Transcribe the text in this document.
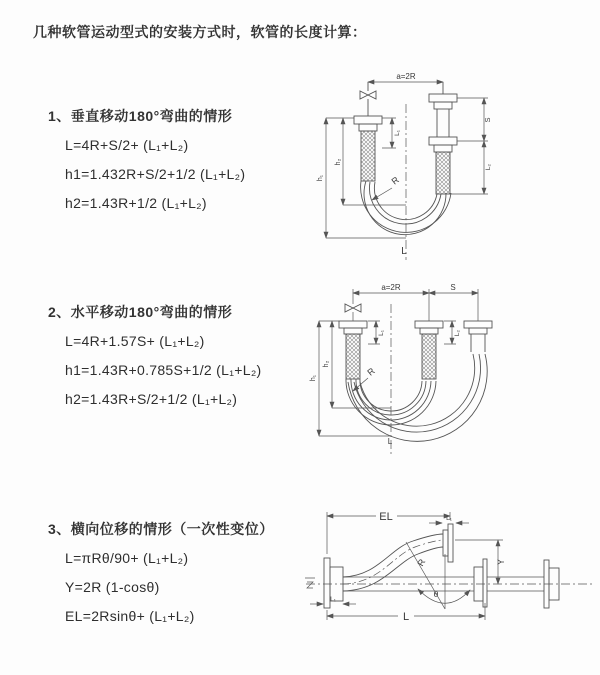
几种软管运动型式的安装方式时，软管的长度计算：
1、垂直移动180°弯曲的情形
L=4R+S/2+ (L₁+L₂)
h1=1.432R+S/2+1/2 (L₁+L₂)
h2=1.43R+1/2 (L₁+L₂)
a=2R
L₁
S
L₂
h₂
h₁	R
L
2、水平移动180°弯曲的情形
L=4R+1.57S+ (L₁+L₂)
h1=1.43R+0.785S+1/2 (L₁+L₂)
h2=1.43R+S/2+1/2 (L₁+L₂)
a=2R	S
L₁	L₂
h₂
h₁
R
L
3、横向位移的情形（一次性变位）
L=πRθ/90+ (L₁+L₂)
Y=2R (1-cosθ)
EL=2Rsinθ+ (L₁+L₂)
EL	L₁
Y
R
θ
L
L₁
